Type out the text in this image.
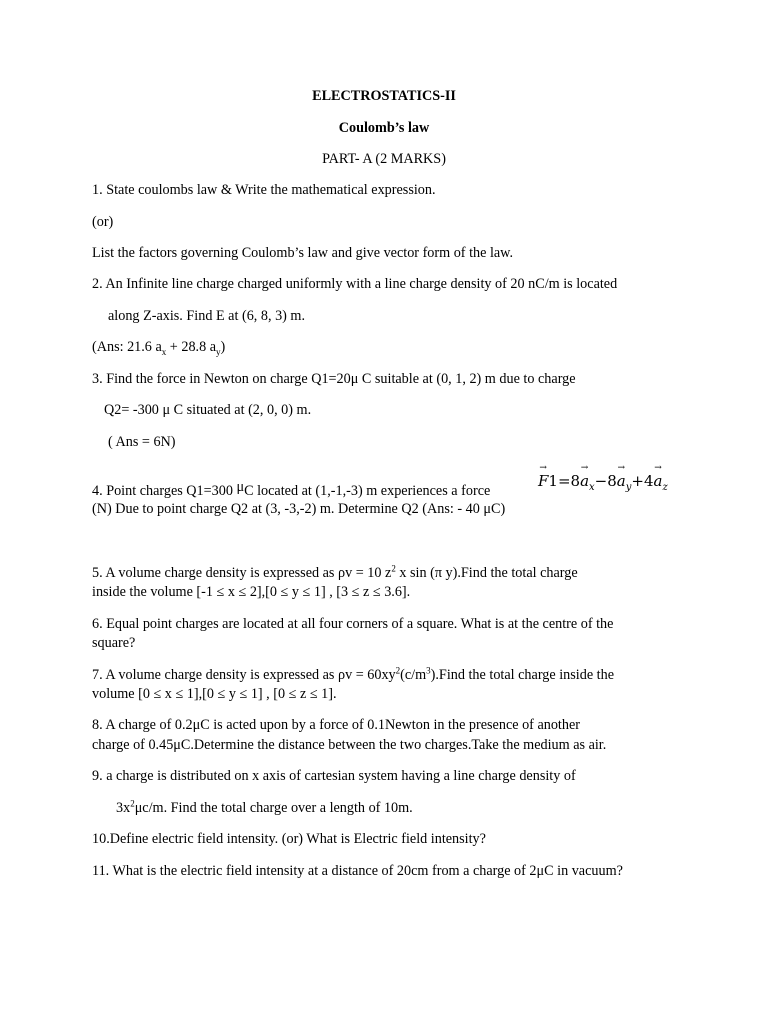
ELECTROSTATICS-II
Coulomb’s law
PART- A (2 MARKS)
1. State coulombs law & Write the mathematical expression.
(or)
List the factors governing Coulomb’s law and give vector form of the law.
2. An Infinite line charge charged uniformly with a line charge density of 20 nC/m is located
along Z-axis. Find E at (6, 8, 3) m.
(Ans: 21.6 $a_x + 28.8$ $a_y$)
3. Find the force in Newton on charge Q1=20μ C suitable at (0, 1, 2) m due to charge
Q2= -300 μ C situated at (2, 0, 0) m.
( Ans = 6N)
→ $F1=8\to a_x-8\to a_y+4\to a_z$
4. Point charges Q1=300 μC located at (1,-1,-3) m experiences a force
(N) Due to point charge Q2 at (3, -3,-2) m. Determine Q2 (Ans: - 40 μC)
5. A volume charge density is expressed as ρv = 10 $z^2$ x sin (π y).Find the total charge
inside the volume [-1 ≤ x ≤ 2],[0 ≤ y ≤ 1] , [3 ≤ z ≤ 3.6].
6. Equal point charges are located at all four corners of a square. What is at the centre of the
square?
7. A volume charge density is expressed as $\rho v = 60xy^2(c/m^3).Find$ the total charge inside the
volume [0 ≤ x ≤ 1],[0 ≤ y ≤ 1] , [0 ≤ z ≤ 1].
8. A charge of 0.2μC is acted upon by a force of 0.1Newton in the presence of another
charge of 0.45μC.Determine the distance between the two charges.Take the medium as air.
9. a charge is distributed on x axis of cartesian system having a line charge density of
$3x^2\mu c/m$. Find the total charge over a length of 10m.
10.Define electric field intensity. (or) What is Electric field intensity?
11. What is the electric field intensity at a distance of 20cm from a charge of 2μC in vacuum?
